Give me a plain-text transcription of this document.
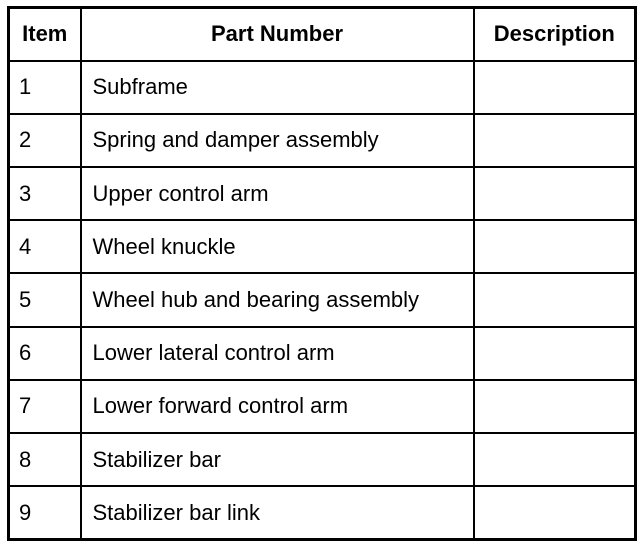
Item	Part Number	Description
1	Subframe	
2	Spring and damper assembly	
3	Upper control arm	
4	Wheel knuckle	
5	Wheel hub and bearing assembly	
6	Lower lateral control arm	
7	Lower forward control arm	
8	Stabilizer bar	
9	Stabilizer bar link	
